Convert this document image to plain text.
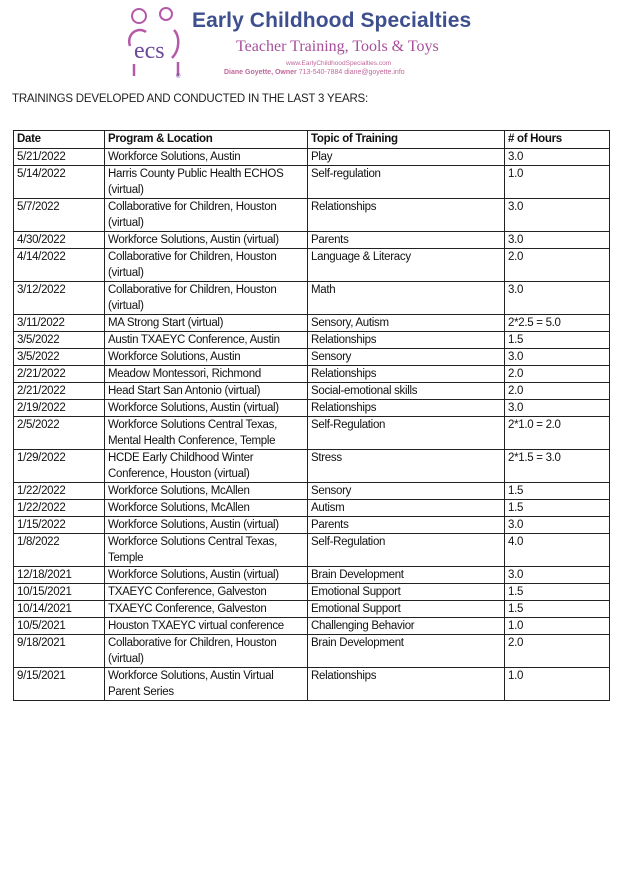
ecs
®
Early Childhood Specialties
Teacher Training, Tools & Toys
www.EarlyChildhoodSpecialties.com
Diane Goyette, Owner 713-540-7884 diane@goyette.info
TRAININGS DEVELOPED AND CONDUCTED IN THE LAST 3 YEARS:
Date	Program & Location	Topic of Training	# of Hours
5/21/2022	Workforce Solutions, Austin	Play	3.0
5/14/2022	Harris County Public Health ECHOS (virtual)	Self-regulation	1.0
5/7/2022	Collaborative for Children, Houston (virtual)	Relationships	3.0
4/30/2022	Workforce Solutions, Austin (virtual)	Parents	3.0
4/14/2022	Collaborative for Children, Houston (virtual)	Language & Literacy	2.0
3/12/2022	Collaborative for Children, Houston (virtual)	Math	3.0
3/11/2022	MA Strong Start (virtual)	Sensory, Autism	2*2.5 = 5.0
3/5/2022	Austin TXAEYC Conference, Austin	Relationships	1.5
3/5/2022	Workforce Solutions, Austin	Sensory	3.0
2/21/2022	Meadow Montessori, Richmond	Relationships	2.0
2/21/2022	Head Start San Antonio (virtual)	Social-emotional skills	2.0
2/19/2022	Workforce Solutions, Austin (virtual)	Relationships	3.0
2/5/2022	Workforce Solutions Central Texas, Mental Health Conference, Temple	Self-Regulation	2*1.0 = 2.0
1/29/2022	HCDE Early Childhood Winter Conference, Houston (virtual)	Stress	2*1.5 = 3.0
1/22/2022	Workforce Solutions, McAllen	Sensory	1.5
1/22/2022	Workforce Solutions, McAllen	Autism	1.5
1/15/2022	Workforce Solutions, Austin (virtual)	Parents	3.0
1/8/2022	Workforce Solutions Central Texas, Temple	Self-Regulation	4.0
12/18/2021	Workforce Solutions, Austin (virtual)	Brain Development	3.0
10/15/2021	TXAEYC Conference, Galveston	Emotional Support	1.5
10/14/2021	TXAEYC Conference, Galveston	Emotional Support	1.5
10/5/2021	Houston TXAEYC virtual conference	Challenging Behavior	1.0
9/18/2021	Collaborative for Children, Houston (virtual)	Brain Development	2.0
9/15/2021	Workforce Solutions, Austin Virtual Parent Series	Relationships	1.0
